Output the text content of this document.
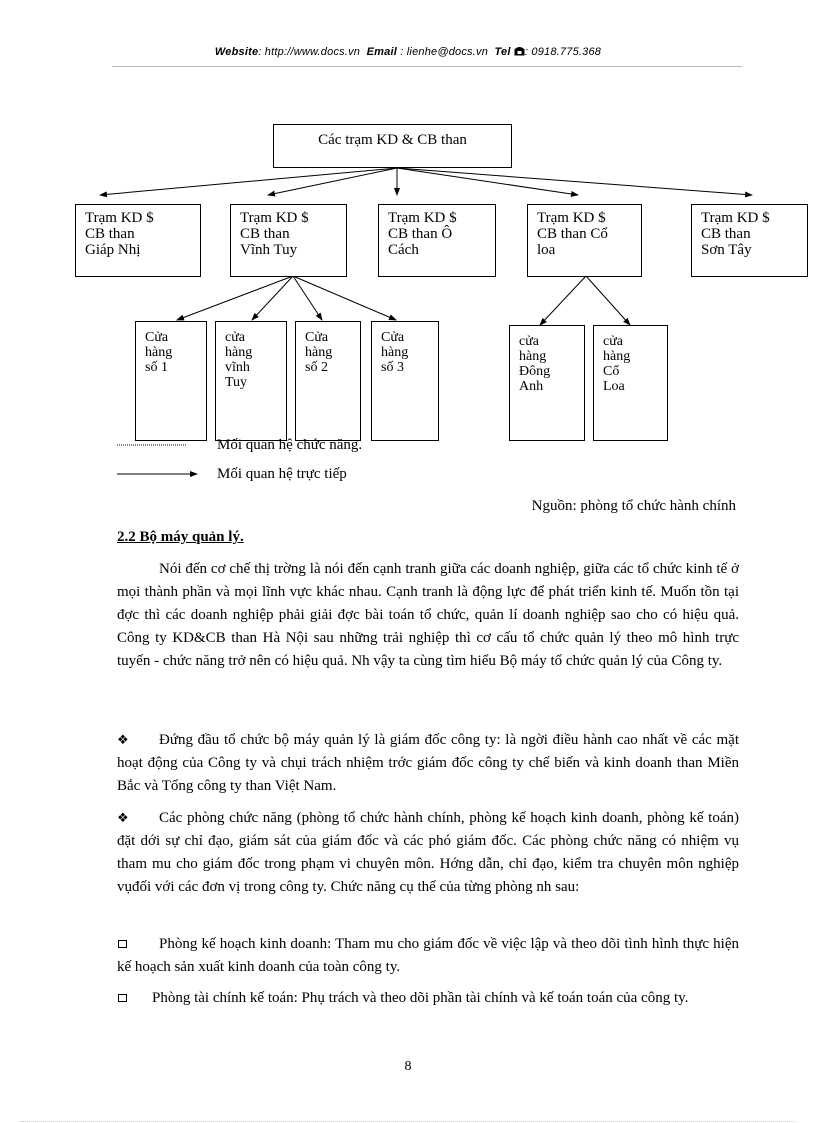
Website: http://www.docs.vn Email : lienhe@docs.vn Tel : 0918.775.368
Các trạm KD & CB than
Trạm KD $
CB than
Giáp Nhị
Trạm KD $
CB than
Vĩnh Tuy
Trạm KD $
CB than Ô
Cách
Trạm KD $
CB than Cổ
loa
Trạm KD $
CB than
Sơn Tây
Cửa
hàng
số 1
cửa
hàng
vĩnh
Tuy
Cửa
hàng
số 2
Cửa
hàng
số 3
cửa
hàng
Đông
Anh
cửa
hàng
Cổ
Loa
Mối quan hệ chức năng.
Mối quan hệ trực tiếp
Nguồn: phòng tổ chức hành chính
2.2 Bộ máy quản lý.
Nói đến cơ chế thị trờng là nói đến cạnh tranh giữa các doanh nghiệp, giữa các tổ chức kinh tế ở mọi thành phần và mọi lĩnh vực khác nhau. Cạnh tranh là động lực để phát triển kinh tế. Muốn tồn tại đợc thì các doanh nghiệp phải giải đợc bài toán tổ chức, quản lí doanh nghiệp sao cho có hiệu quả. Công ty KD&CB than Hà Nội sau những trải nghiệp thì cơ cấu tổ chức quản lý theo mô hình trực tuyến - chức năng trở nên có hiệu quả. Nh vậy ta cùng tìm hiểu Bộ máy tổ chức quản lý của Công ty.
❖ Đứng đầu tổ chức bộ máy quản lý là giám đốc công ty: là ngời điều hành cao nhất về các mặt hoạt động của Công ty và chụi trách nhiệm trớc giám đốc công ty chế biến và kinh doanh than Miền Bắc và Tổng công ty than Việt Nam.
❖ Các phòng chức năng (phòng tổ chức hành chính, phòng kế hoạch kinh doanh, phòng kế toán) đặt dới sự chỉ đạo, giám sát của giám đốc và các phó giám đốc. Các phòng chức năng có nhiệm vụ tham mu cho giám đốc trong phạm vi chuyên môn. Hớng dẫn, chỉ đạo, kiểm tra chuyên môn nghiệp vụđối với các đơn vị trong công ty. Chức năng cụ thể của từng phòng nh sau:
Phòng kế hoạch kinh doanh: Tham mu cho giám đốc về việc lập và theo dõi tình hình thực hiện kế hoạch sản xuất kinh doanh của toàn công ty.
Phòng tài chính kế toán: Phụ trách và theo dõi phần tài chính và kế toán toán của công ty.
8
